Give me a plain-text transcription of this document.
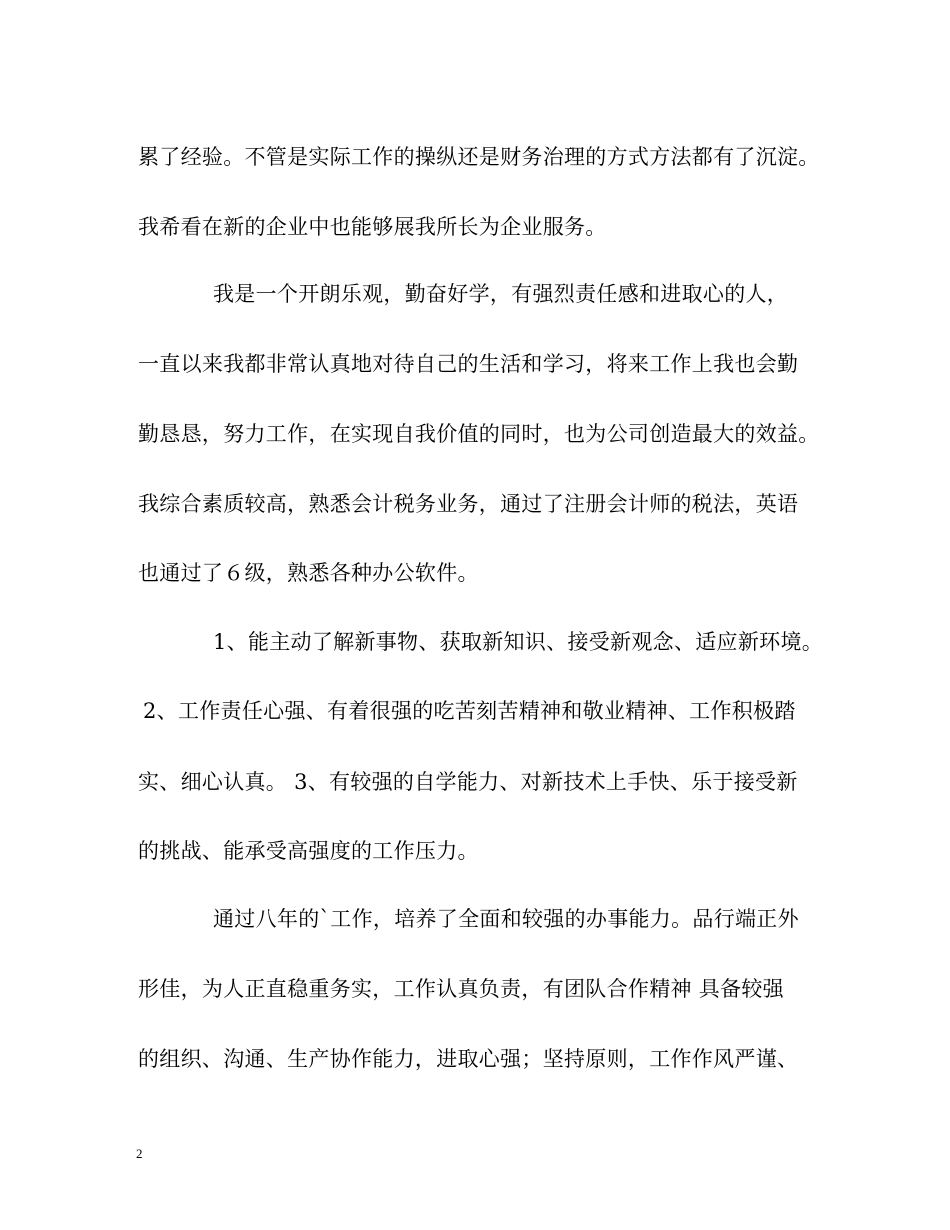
累了经验。不管是实际工作的操纵还是财务治理的方式方法都有了沉淀。
我希看在新的企业中也能够展我所长为企业服务。
我是一个开朗乐观，勤奋好学，有强烈责任感和进取心的人，
一直以来我都非常认真地对待自己的生活和学习，将来工作上我也会勤
勤恳恳，努力工作，在实现自我价值的同时，也为公司创造最大的效益。
我综合素质较高，熟悉会计税务业务，通过了注册会计师的税法，英语
也通过了６级，熟悉各种办公软件。
1、能主动了解新事物、获取新知识、接受新观念、适应新环境。
2、工作责任心强、有着很强的吃苦刻苦精神和敬业精神、工作积极踏
实、细心认真。 3、有较强的自学能力、对新技术上手快、乐于接受新
的挑战、能承受高强度的工作压力。
通过八年的`工作，培养了全面和较强的办事能力。品行端正外
形佳，为人正直稳重务实，工作认真负责，有团队合作精神 具备较强
的组织、沟通、生产协作能力，进取心强；坚持原则，工作作风严谨、
2
